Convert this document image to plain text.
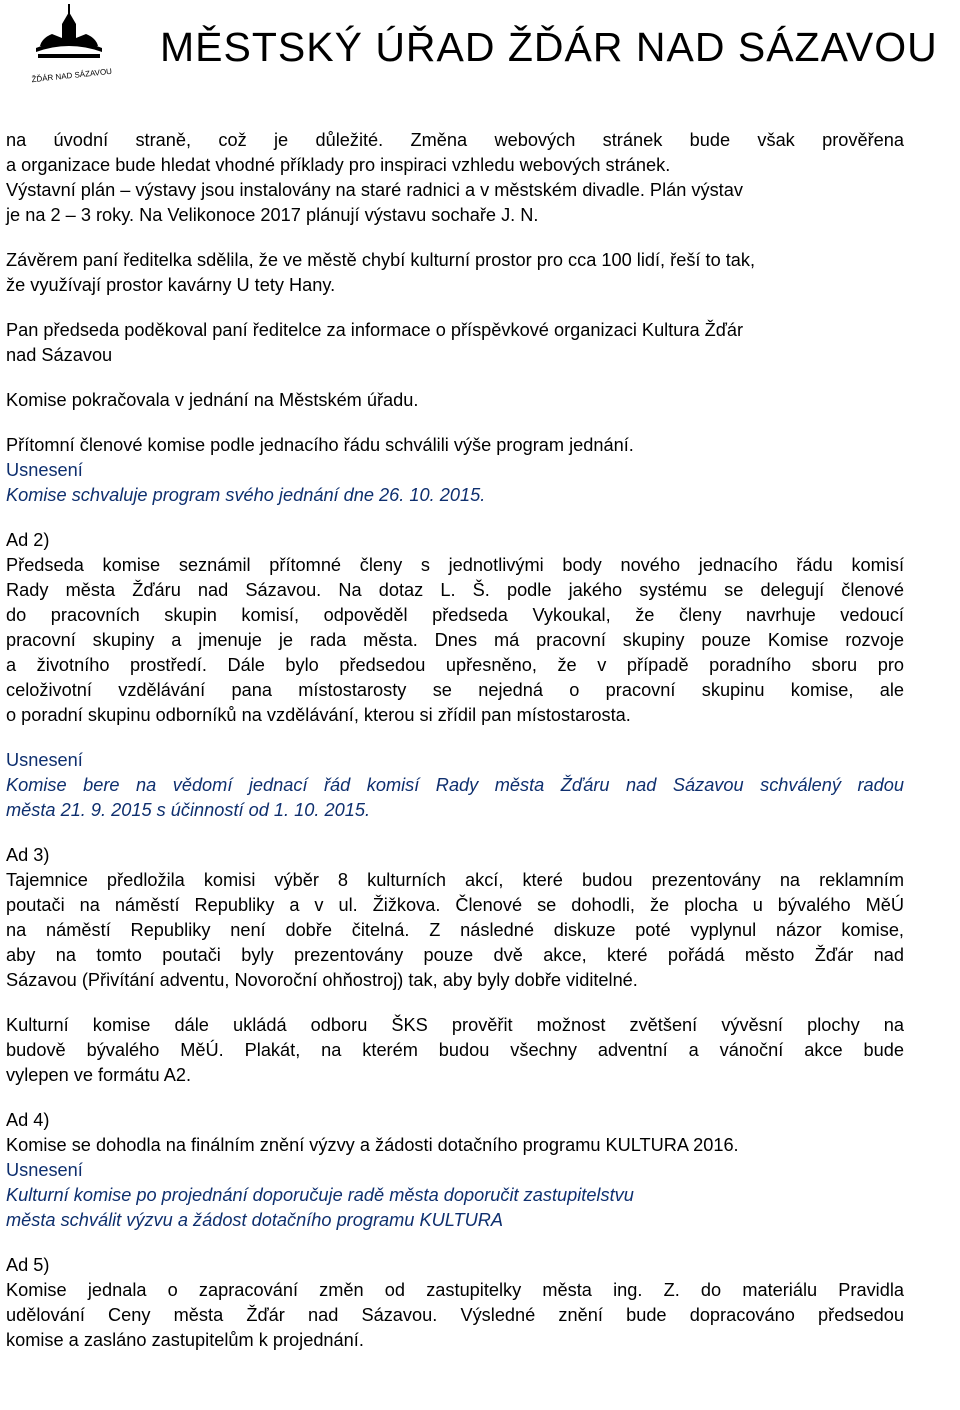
ŽĎÁR NAD SÁZAVOU
MĚSTSKÝ ÚŘAD ŽĎÁR NAD SÁZAVOU

na úvodní straně, což je důležité. Změna webových stránek bude však prověřena

a organizace bude hledat vhodné příklady pro inspiraci vzhledu webových stránek.

Výstavní plán – výstavy jsou instalovány na staré radnici a v městském divadle. Plán výstav

je na 2 – 3 roky. Na Velikonoce 2017 plánují výstavu sochaře J. N.

Závěrem paní ředitelka sdělila, že ve městě chybí kulturní prostor pro cca 100 lidí, řeší to tak,

že využívají prostor kavárny U tety Hany.

Pan předseda poděkoval paní ředitelce za informace o příspěvkové organizaci Kultura Žďár

nad Sázavou

Komise pokračovala v jednání na Městském úřadu.

Přítomní členové komise podle jednacího řádu schválili výše program jednání.

Usnesení

Komise schvaluje program svého jednání dne 26. 10. 2015.

Ad 2)

Předseda komise seznámil přítomné členy s jednotlivými body nového jednacího řádu komisí

Rady města Žďáru nad Sázavou. Na dotaz L. Š. podle jakého systému se delegují členové

do pracovních skupin komisí, odpověděl předseda Vykoukal, že členy navrhuje vedoucí

pracovní skupiny a jmenuje je rada města. Dnes má pracovní skupiny pouze Komise rozvoje

a životního prostředí. Dále bylo předsedou upřesněno, že v případě poradního sboru pro

celoživotní vzdělávání pana místostarosty se nejedná o pracovní skupinu komise, ale

o poradní skupinu odborníků na vzdělávání, kterou si zřídil pan místostarosta.

Usnesení

Komise bere na vědomí jednací řád komisí Rady města Žďáru nad Sázavou schválený radou

města 21. 9. 2015 s účinností od 1. 10. 2015.

Ad 3)

Tajemnice předložila komisi výběr 8 kulturních akcí, které budou prezentovány na reklamním

poutači na náměstí Republiky a v ul. Žižkova. Členové se dohodli, že plocha u bývalého MěÚ

na náměstí Republiky není dobře čitelná. Z následné diskuze poté vyplynul názor komise,

aby na tomto poutači byly prezentovány pouze dvě akce, které pořádá město Žďár nad

Sázavou (Přivítání adventu, Novoroční ohňostroj) tak, aby byly dobře viditelné.

Kulturní komise dále ukládá odboru ŠKS prověřit možnost zvětšení vývěsní plochy na

budově bývalého MěÚ. Plakát, na kterém budou všechny adventní a vánoční akce bude

vylepen ve formátu A2.

Ad 4)

Komise se dohodla na finálním znění výzvy a žádosti dotačního programu KULTURA 2016.

Usnesení

Kulturní komise po projednání doporučuje radě města doporučit zastupitelstvu

města schválit výzvu a žádost dotačního programu KULTURA

Ad 5)

Komise jednala o zapracování změn od zastupitelky města ing. Z. do materiálu Pravidla

udělování Ceny města Žďár nad Sázavou. Výsledné znění bude dopracováno předsedou

komise a zasláno zastupitelům k projednání.
